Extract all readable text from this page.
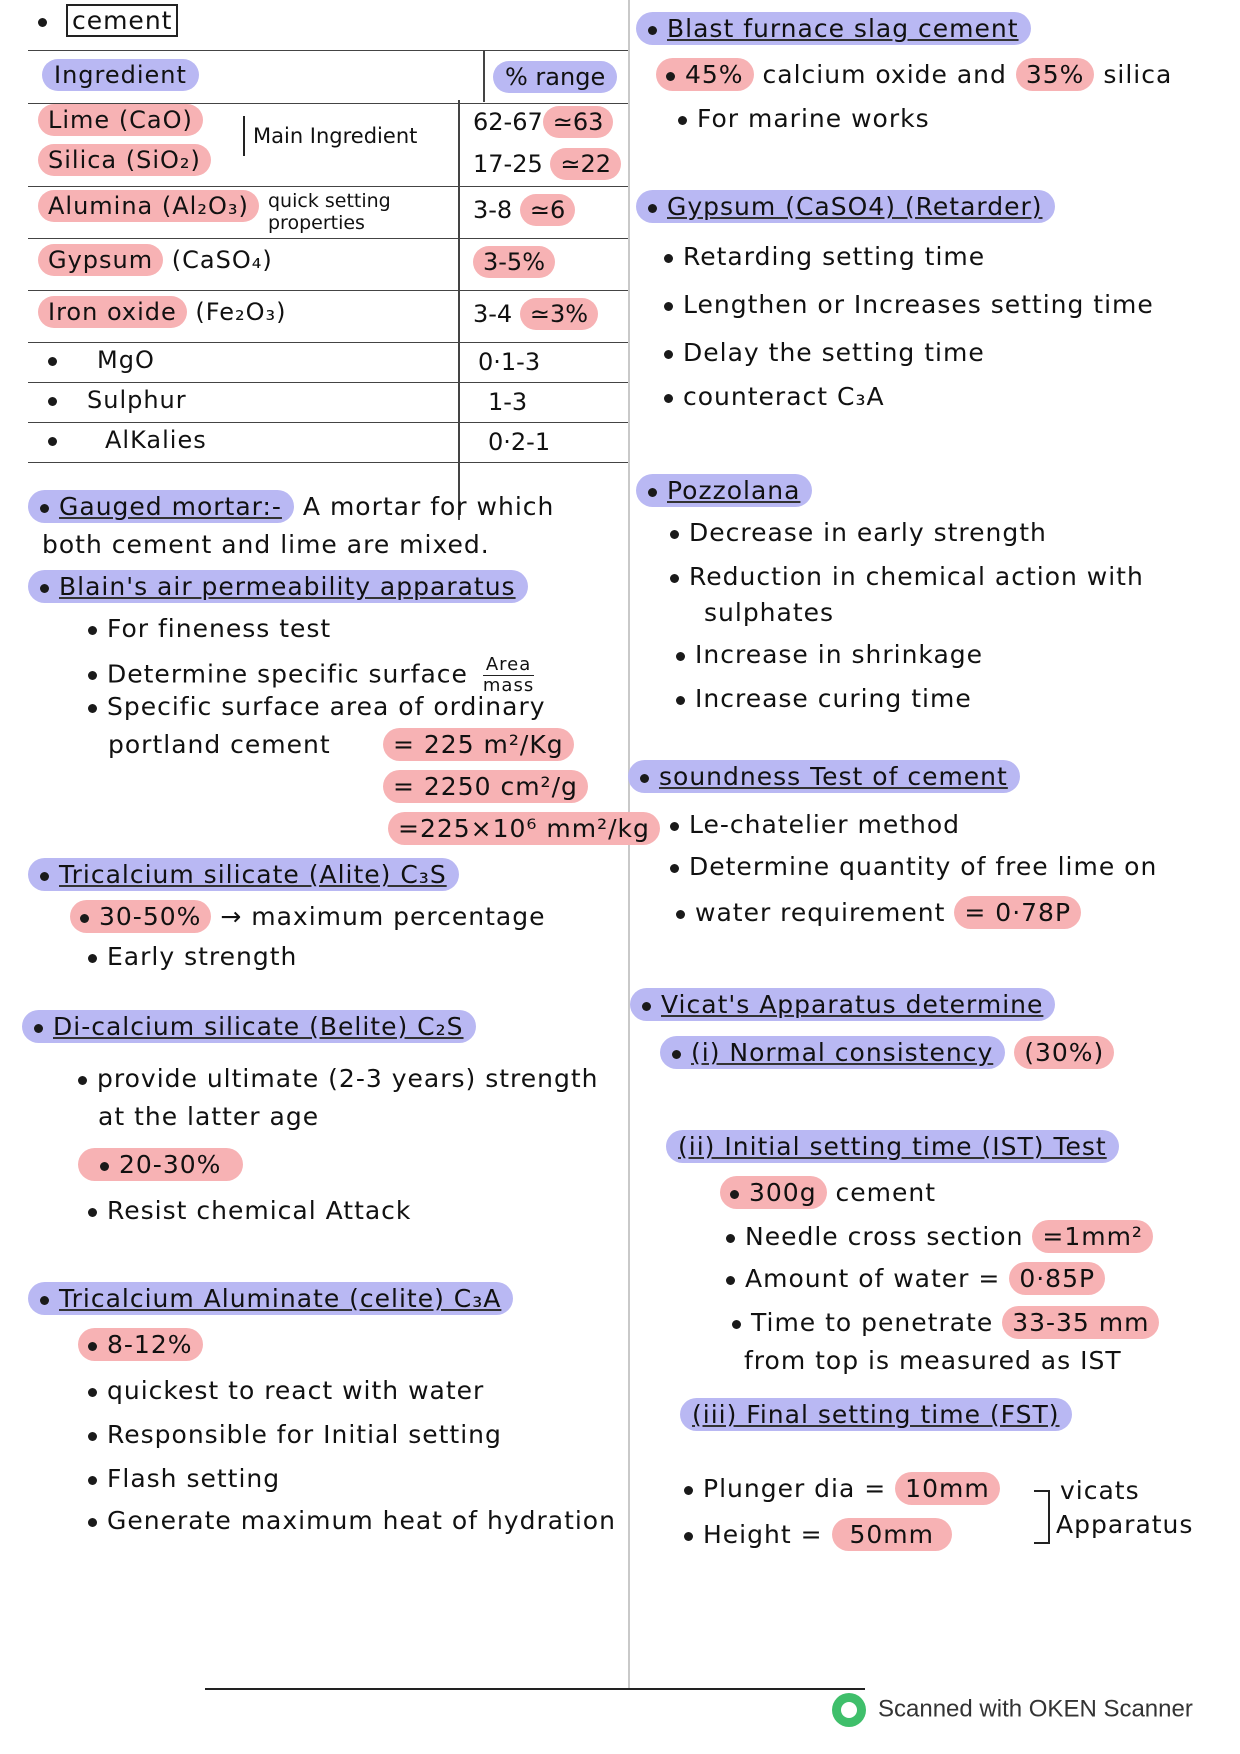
cement
Ingredient	% range
Lime (CaO)	62-67 ≃63
Silica (SiO₂)	17-25 ≃22
Main Ingredient
Alumina (Al₂O₃)	3-8 ≃6
quick setting properties
Gypsum (CaSO₄)	3-5%
Iron oxide (Fe₂O₃)	3-4 ≃3%
MgO	0·1-3
Sulphur	1-3
AlKalies	0·2-1
Gauged mortar:- A mortar for which
both cement and lime are mixed.
Blain's air permeability apparatus
For fineness test
Determine specific surface Area
mass
Specific surface area of ordinary
portland cement	= 225 m²/Kg
= 2250 cm²/g
=225×10⁶ mm²/kg
Tricalcium silicate (Alite) C₃S
30-50% → maximum percentage
Early strength
Di-calcium silicate (Belite) C₂S
provide ultimate (2-3 years) strength
at the latter age
20-30%
Resist chemical Attack
Tricalcium Aluminate (celite) C₃A
8-12%
quickest to react with water
Responsible for Initial setting
Flash setting
Generate maximum heat of hydration
Blast furnace slag cement
45% calcium oxide and 35% silica
For marine works
Gypsum (CaSO4) (Retarder)
Retarding setting time
Lengthen or Increases setting time
Delay the setting time
counteract C₃A
Pozzolana
Decrease in early strength
Reduction in chemical action with
sulphates
Increase in shrinkage
Increase curing time
soundness Test of cement
Le-chatelier method
Determine quantity of free lime on
water requirement = 0·78P
Vicat's Apparatus determine
(i) Normal consistency (30%)
(ii) Initial setting time (IST) Test
300g cement
Needle cross section =1mm²
Amount of water = 0·85P
Time to penetrate 33-35 mm
from top is measured as IST
(iii) Final setting time (FST)
Plunger dia = 10mm
Height = 50mm
vicats
Apparatus
Scanned with OKEN Scanner
